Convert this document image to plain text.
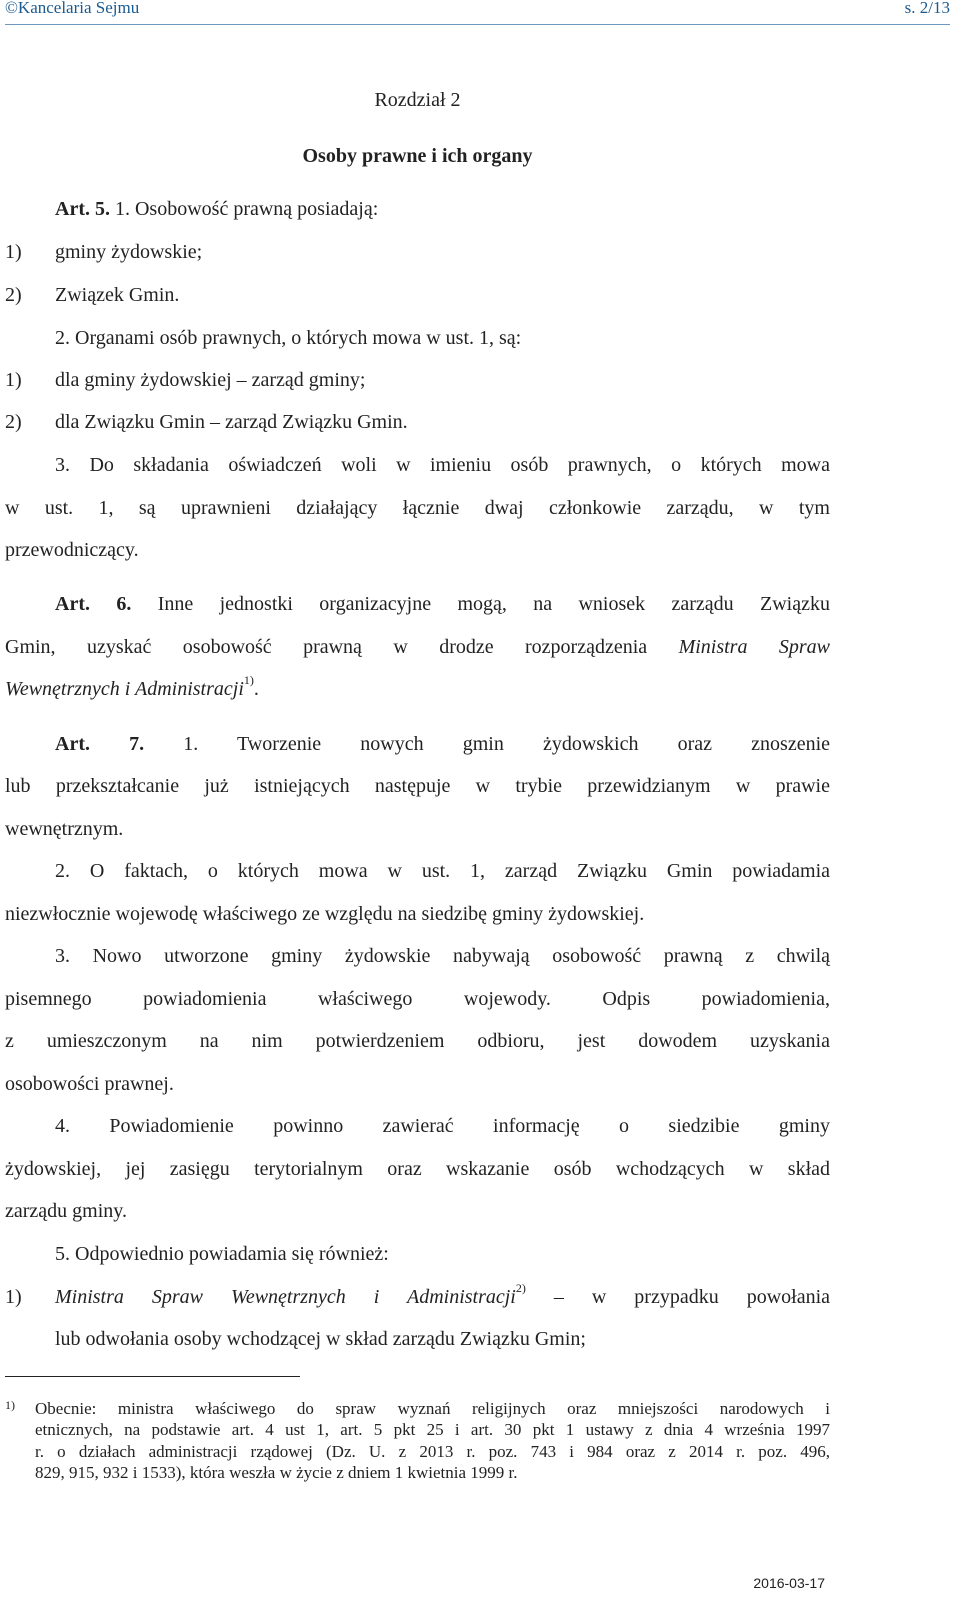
©Kancelaria Sejmu	s. 2/13
Rozdział 2
Osoby prawne i ich organy
Art. 5. 1. Osobowość prawną posiadają:
1) gminy żydowskie;
2) Związek Gmin.
2. Organami osób prawnych, o których mowa w ust. 1, są:
1) dla gminy żydowskiej – zarząd gminy;
2) dla Związku Gmin – zarząd Związku Gmin.
3. Do składania oświadczeń woli w imieniu osób prawnych, o których mowa
w ust. 1, są uprawnieni działający łącznie dwaj członkowie zarządu, w tym
przewodniczący.
Art. 6. Inne jednostki organizacyjne mogą, na wniosek zarządu Związku
Gmin, uzyskać osobowość prawną w drodze rozporządzenia Ministra Spraw
Wewnętrznych i Administracji$^{1)}$.
Art. 7. 1. Tworzenie nowych gmin żydowskich oraz znoszenie
lub przekształcanie już istniejących następuje w trybie przewidzianym w prawie
wewnętrznym.
2. O faktach, o których mowa w ust. 1, zarząd Związku Gmin powiadamia
niezwłocznie wojewodę właściwego ze względu na siedzibę gminy żydowskiej.
3. Nowo utworzone gminy żydowskie nabywają osobowość prawną z chwilą
pisemnego powiadomienia właściwego wojewody. Odpis powiadomienia,
z umieszczonym na nim potwierdzeniem odbioru, jest dowodem uzyskania
osobowości prawnej.
4. Powiadomienie powinno zawierać informację o siedzibie gminy
żydowskiej, jej zasięgu terytorialnym oraz wskazanie osób wchodzących w skład
zarządu gminy.
5. Odpowiednio powiadamia się również:
1) Ministra Spraw Wewnętrznych i Administracji$^{2)}$ – w przypadku powołania
lub odwołania osoby wchodzącej w skład zarządu Związku Gmin;
1) Obecnie: ministra właściwego do spraw wyznań religijnych oraz mniejszości narodowych i
etnicznych, na podstawie art. 4 ust 1, art. 5 pkt 25 i art. 30 pkt 1 ustawy z dnia 4 września 1997
r. o działach administracji rządowej (Dz. U. z 2013 r. poz. 743 i 984 oraz z 2014 r. poz. 496,
829, 915, 932 i 1533), która weszła w życie z dniem 1 kwietnia 1999 r.
2016-03-17
